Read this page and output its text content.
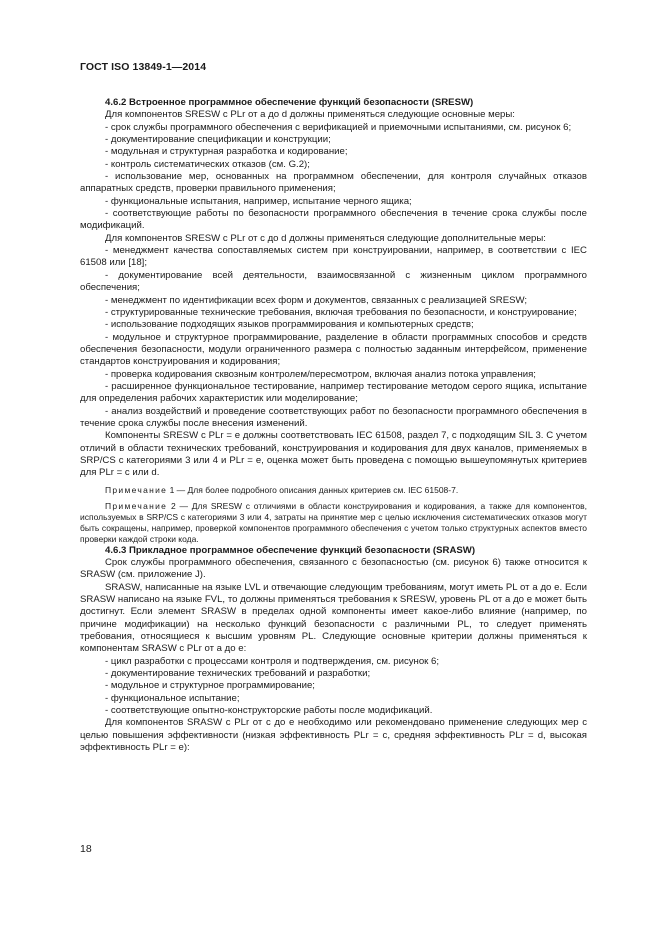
ГОСТ ISO 13849-1—2014

4.6.2 Встроенное программное обеспечение функций безопасности (SRESW)

Для компонентов SRESW с PLr от a до d должны применяться следующие основные меры:

- срок службы программного обеспечения с верификацией и приемочными испытаниями, см. рисунок 6;

- документирование спецификации и конструкции;

- модульная и структурная разработка и кодирование;

- контроль систематических отказов (см. G.2);

- использование мер, основанных на программном обеспечении, для контроля случайных отказов аппаратных средств, проверки правильного применения;

- функциональные испытания, например, испытание черного ящика;

- соответствующие работы по безопасности программного обеспечения в течение срока службы после модификаций.

Для компонентов SRESW с PLr от c до d должны применяться следующие дополнительные меры:

- менеджмент качества сопоставляемых систем при конструировании, например, в соответствии с IEC 61508 или [18];

- документирование всей деятельности, взаимосвязанной с жизненным циклом программного обеспечения;

- менеджмент по идентификации всех форм и документов, связанных с реализацией SRESW;

- структурированные технические требования, включая требования по безопасности, и конструирование;

- использование подходящих языков программирования и компьютерных средств;

- модульное и структурное программирование, разделение в области программных способов и средств обеспечения безопасности, модули ограниченного размера с полностью заданным интерфейсом, применение стандартов конструирования и кодирования;

- проверка кодирования сквозным контролем/пересмотром, включая анализ потока управления;

- расширенное функциональное тестирование, например тестирование методом серого ящика, испытание для определения рабочих характеристик или моделирование;

- анализ воздействий и проведение соответствующих работ по безопасности программного обеспечения в течение срока службы после внесения изменений.

Компоненты SRESW с PLr = e должны соответствовать IEC 61508, раздел 7, с подходящим SIL 3. С учетом отличий в области технических требований, конструирования и кодирования для двух каналов, применяемых в SRP/CS с категориями 3 или 4 и PLr = e, оценка может быть проведена с помощью вышеупомянутых критериев для PLr = c или d.

Примечание 1 — Для более подробного описания данных критериев см. IEC 61508-7.

Примечание 2 — Для SRESW с отличиями в области конструирования и кодирования, а также для компонентов, используемых в SRP/CS с категориями 3 или 4, затраты на принятие мер с целью исключения систематических отказов могут быть сокращены, например, проверкой компонентов программного обеспечения с учетом только структурных аспектов вместо проверки каждой строки кода.

4.6.3 Прикладное программное обеспечение функций безопасности (SRASW)

Срок службы программного обеспечения, связанного с безопасностью (см. рисунок 6) также относится к SRASW (см. приложение J).

SRASW, написанные на языке LVL и отвечающие следующим требованиям, могут иметь PL от a до e. Если SRASW написано на языке FVL, то должны применяться требования к SRESW, уровень PL от a до e может быть достигнут. Если элемент SRASW в пределах одной компоненты имеет какое-либо влияние (например, по причине модификации) на несколько функций безопасности с различными PL, то следует применять требования, относящиеся к высшим уровням PL. Следующие основные критерии должны применяться к компонентам SRASW с PLr от a до e:

- цикл разработки с процессами контроля и подтверждения, см. рисунок 6;

- документирование технических требований и разработки;

- модульное и структурное программирование;

- функциональное испытание;

- соответствующие опытно-конструкторские работы после модификаций.

Для компонентов SRASW с PLr от c до e необходимо или рекомендовано применение следующих мер с целью повышения эффективности (низкая эффективность PLr = c, средняя эффективность PLr = d, высокая эффективность PLr = e):

18
